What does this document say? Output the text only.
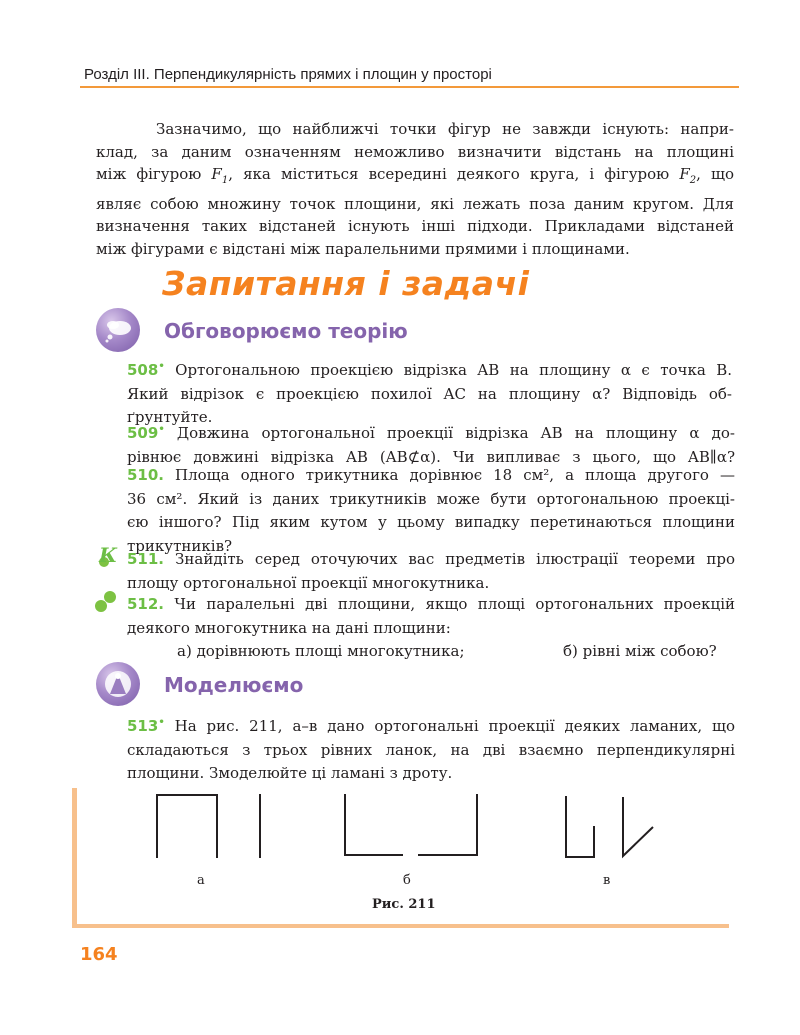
Розділ III. Перпендикулярність прямих і площин у просторі
Зазначимо, що найближчі точки фігур не завжди існують: напри-
клад, за даним означенням неможливо визначити відстань на площині
між фігурою $F_1$, яка міститься всередині деякого круга, і фігурою $F_2$, що
являє собою множину точок площини, які лежать поза даним кругом. Для
визначення таких відстаней існують інші підходи. Прикладами відстаней
між фігурами є відстані між паралельними прямими і площинами.
Запитання і задачі
Обговорюємо теорію
508• Ортогональною проекцією відрізка AB на площину α є точка B.
Який відрізок є проекцією похилої AC на площину α? Відповідь об-
ґрунтуйте.
509• Довжина ортогональної проекції відрізка AB на площину α до-
рівнює довжині відрізка AB (AB⊄α). Чи випливає з цього, що AB∥α?
510. Площа одного трикутника дорівнює 18 см², а площа другого —
36 см². Який із даних трикутників може бути ортогональною проекці-
єю іншого? Під яким кутом у цьому випадку перетинаються площини
трикутників?
К 511. Знайдіть серед оточуючих вас предметів ілюстрації теореми про
площу ортогональної проекції многокутника.
512. Чи паралельні дві площини, якщо площі ортогональних проекцій
деякого многокутника на дані площини:
а) дорівнюють площі многокутника;	б) рівні між собою?
Моделюємо
513• На рис. 211, а–в дано ортогональні проекції деяких ламаних, що
складаються з трьох рівних ланок, на дві взаємно перпендикулярні
площини. Змоделюйте ці ламані з дроту.
а	б	в
Рис. 211
164
